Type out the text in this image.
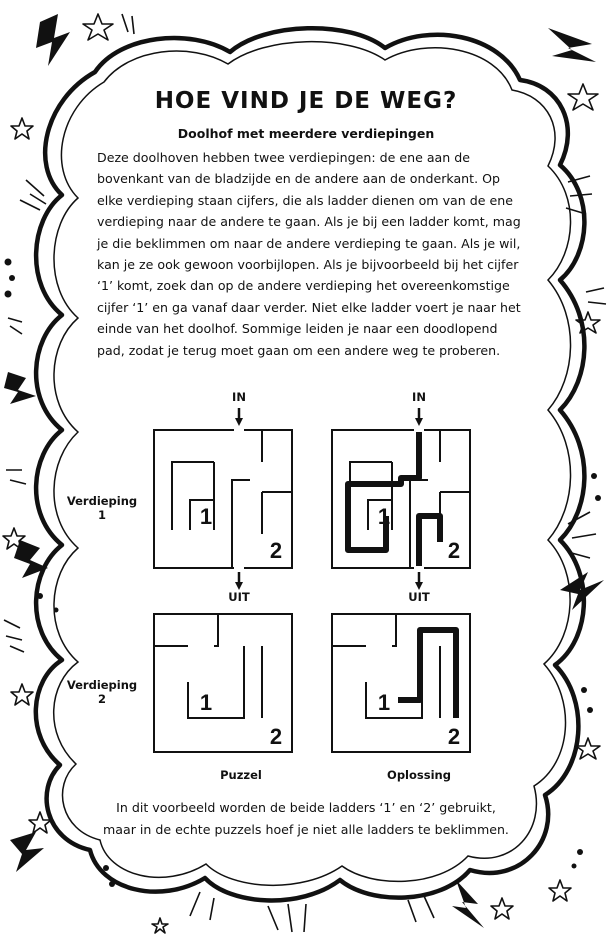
HOE VIND JE DE WEG?
Doolhof met meerdere verdiepingen

Deze doolhoven hebben twee verdiepingen: de ene aan de bovenkant van de bladzijde en de andere aan de onderkant. Op elke verdieping staan cijfers, die als ladder dienen om van de ene verdieping naar de andere te gaan. Als je bij een ladder komt, mag je die beklimmen om naar de andere verdieping te gaan. Als je wil, kan je ze ook gewoon voorbijlopen. Als je bijvoorbeeld bij het cijfer ‘1’ komt, zoek dan op de andere verdieping het overeenkomstige cijfer ‘1’ en ga vanaf daar verder. Niet elke ladder voert je naar het einde van het doolhof. Sommige leiden je naar een doodlopend pad, zodat je terug moet gaan om een andere weg te proberen.

1
2
1
2
1
2
1
2
IN	IN
UIT	UIT
Verdieping
1
Verdieping
2
Puzzel	Oplossing

In dit voorbeeld worden de beide ladders ‘1’ en ‘2’ gebruikt,
maar in de echte puzzels hoef je niet alle ladders te beklimmen.
